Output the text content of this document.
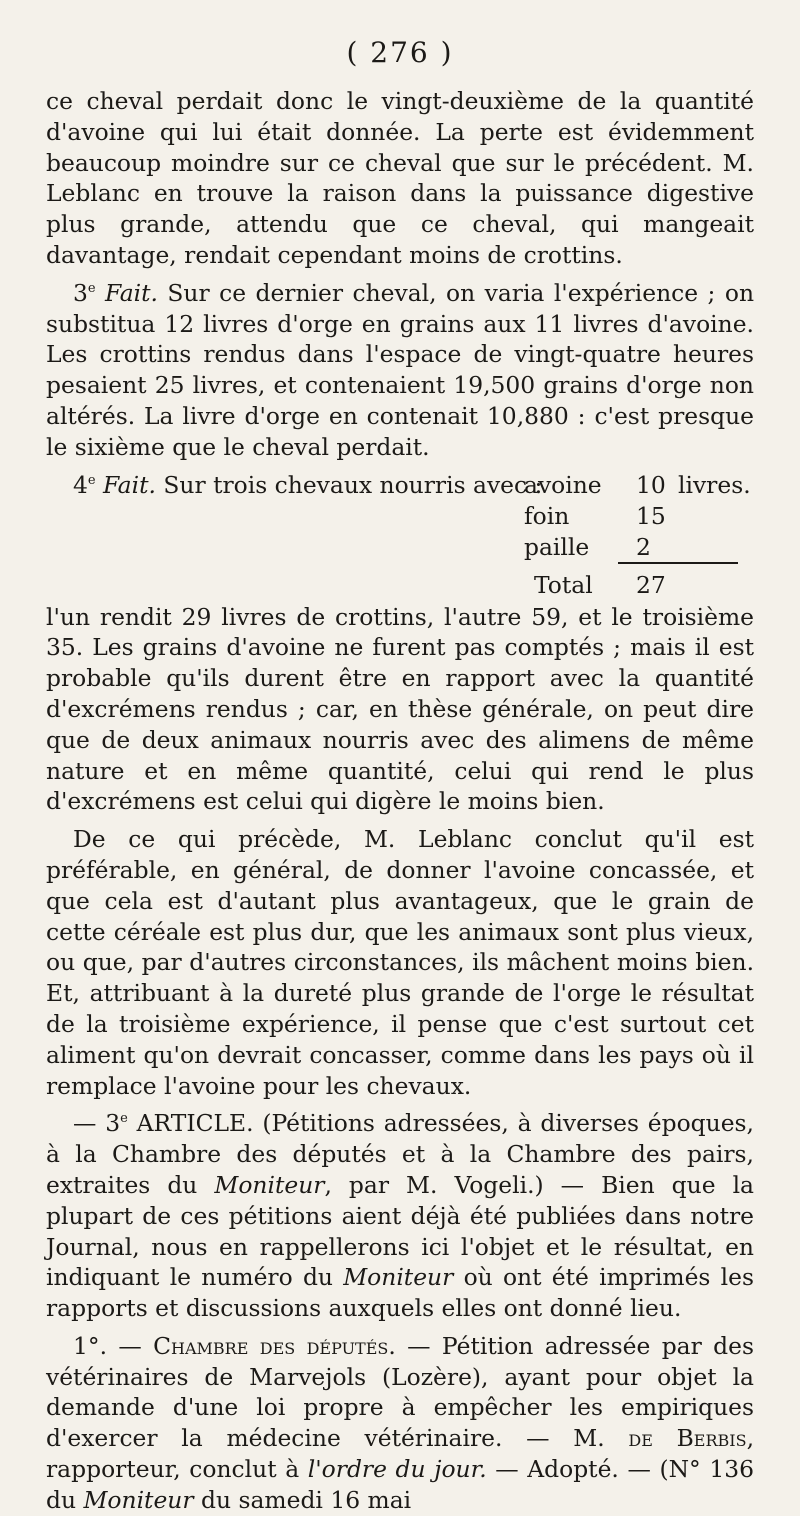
( 276 )

ce cheval perdait donc le vingt-deuxième de la quantité d'avoine qui lui était donnée. La perte est évidemment beaucoup moindre sur ce cheval que sur le précédent. M. Leblanc en trouve la raison dans la puissance digestive plus grande, attendu que ce cheval, qui mangeait davantage, rendait cependant moins de crottins.

3e Fait. Sur ce dernier cheval, on varia l'expérience ; on substitua 12 livres d'orge en grains aux 11 livres d'avoine. Les crottins rendus dans l'espace de vingt-quatre heures pesaient 25 livres, et contenaient 19,500 grains d'orge non altérés. La livre d'orge en contenait 10,880 : c'est presque le sixième que le cheval perdait.

4e Fait. Sur trois chevaux nourris avec :

avoine 10 livres.
foin	15
paille 2
Total 27

l'un rendit 29 livres de crottins, l'autre 59, et le troisième 35. Les grains d'avoine ne furent pas comptés ; mais il est probable qu'ils durent être en rapport avec la quantité d'excrémens rendus ; car, en thèse générale, on peut dire que de deux animaux nourris avec des alimens de même nature et en même quantité, celui qui rend le plus d'excrémens est celui qui digère le moins bien.

De ce qui précède, M. Leblanc conclut qu'il est préférable, en général, de donner l'avoine concassée, et que cela est d'autant plus avantageux, que le grain de cette céréale est plus dur, que les animaux sont plus vieux, ou que, par d'autres circonstances, ils mâchent moins bien. Et, attribuant à la dureté plus grande de l'orge le résultat de la troisième expérience, il pense que c'est surtout cet aliment qu'on devrait concasser, comme dans les pays où il remplace l'avoine pour les chevaux.

— 3e ARTICLE. (Pétitions adressées, à diverses époques, à la Chambre des députés et à la Chambre des pairs, extraites du Moniteur, par M. Vogeli.) — Bien que la plupart de ces pétitions aient déjà été publiées dans notre Journal, nous en rappellerons ici l'objet et le résultat, en indiquant le numéro du Moniteur où ont été imprimés les rapports et discussions auxquels elles ont donné lieu.

1°. — Chambre des députés. — Pétition adressée par des vétérinaires de Marvejols (Lozère), ayant pour objet la demande d'une loi propre à empêcher les empiriques d'exercer la médecine vétérinaire. — M. de Berbis, rapporteur, conclut à l'ordre du jour. — Adopté. — (N° 136 du Moniteur du samedi 16 mai
